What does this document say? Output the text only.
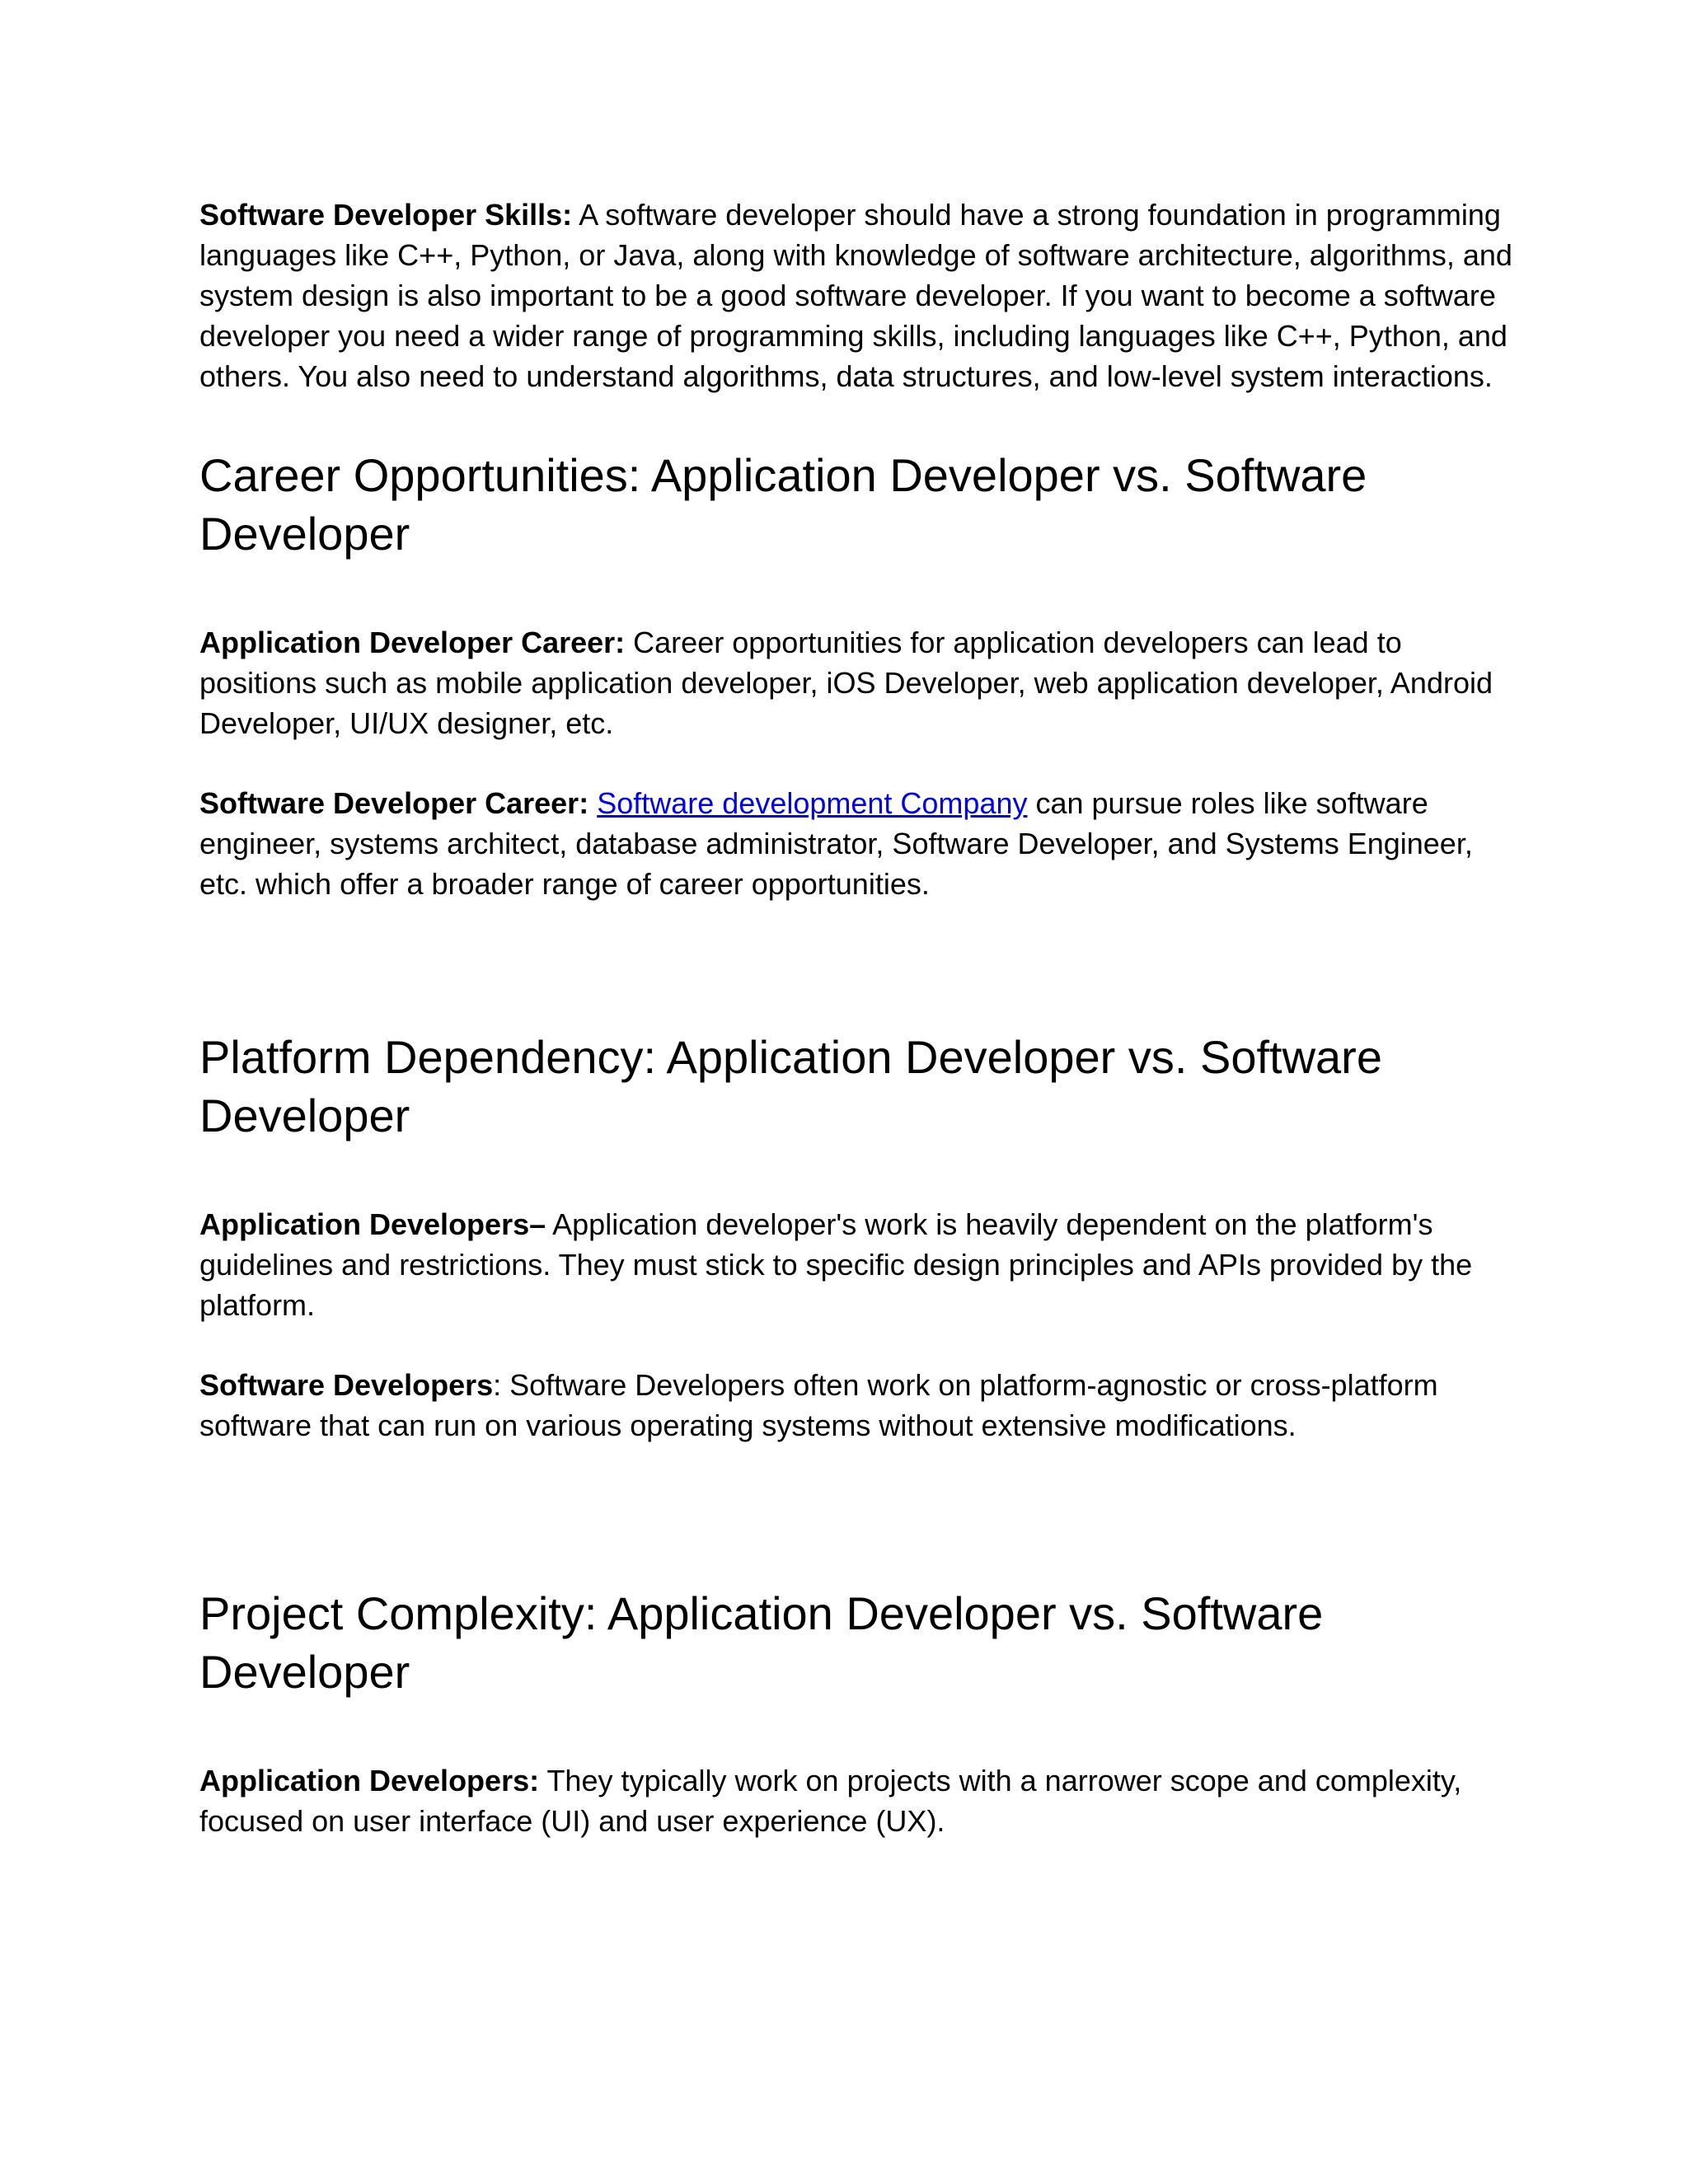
Software Developer Skills: A software developer should have a strong foundation in programming languages like C++, Python, or Java, along with knowledge of software architecture, algorithms, and system design is also important to be a good software developer. If you want to become a software developer you need a wider range of programming skills, including languages like C++, Python, and others. You also need to understand algorithms, data structures, and low-level system interactions.

Career Opportunities: Application Developer vs. Software Developer

Application Developer Career: Career opportunities for application developers can lead to positions such as mobile application developer, iOS Developer, web application developer, Android Developer, UI/UX designer, etc.

Software Developer Career: Software development Company can pursue roles like software engineer, systems architect, database administrator, Software Developer, and Systems Engineer, etc. which offer a broader range of career opportunities.

Platform Dependency: Application Developer vs. Software Developer

Application Developers– Application developer's work is heavily dependent on the platform's guidelines and restrictions. They must stick to specific design principles and APIs provided by the platform.

Software Developers: Software Developers often work on platform-agnostic or cross-platform software that can run on various operating systems without extensive modifications.

Project Complexity: Application Developer vs. Software Developer

Application Developers: They typically work on projects with a narrower scope and complexity, focused on user interface (UI) and user experience (UX).
